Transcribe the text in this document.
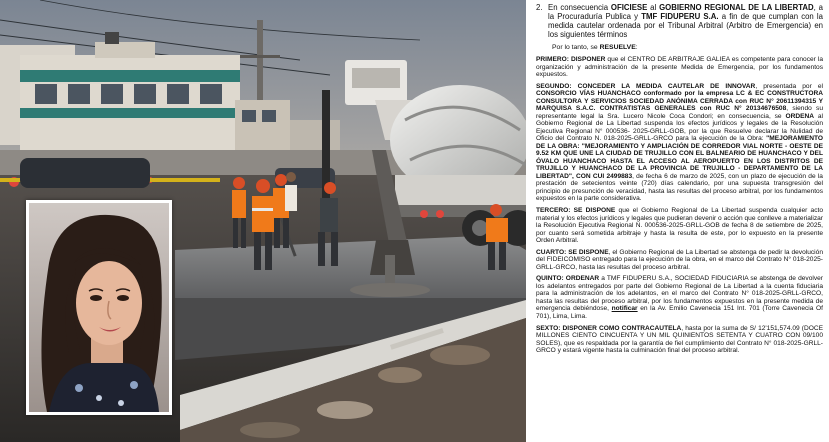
2. En consecuencia OFICIESE al GOBIERNO REGIONAL DE LA LIBERTAD, a la Procuraduría Publica y TMF FIDUPERU S.A. a fin de que cumplan con la medida cautelar ordenada por el Tribunal Arbitral (Arbitro de Emergencia) en los siguientes términos

Por lo tanto, se RESUELVE:

PRIMERO: DISPONER que el CENTRO DE ARBITRAJE GALIEA es competente para conocer la organización y administración de la presente Medida de Emergencia, por los fundamentos expuestos.

SEGUNDO: CONCEDER LA MEDIDA CAUTELAR DE INNOVAR, presentada por el CONSORCIO VÍAS HUANCHACO conformado por la empresa LC & EC CONSTRUCTORA CONSULTORA Y SERVICIOS SOCIEDAD ANÓNIMA CERRADA con RUC N° 20611394315 Y MARQUISA S.A.C. CONTRATISTAS GENERALES con RUC N° 20134676508, siendo su representante legal la Sra. Lucero Nicole Coca Condori; en consecuencia, se ORDENA al Gobierno Regional de La Libertad suspenda los efectos jurídicos y legales de la Resolución Ejecutiva Regional N° 000536- 2025-GRLL-GOB, por la que Resuelve declarar la Nulidad de Oficio del Contrato N. 018-2025-GRLL-GRCO para la ejecución de la Obra: "MEJORAMIENTO DE LA OBRA: "MEJORAMIENTO Y AMPLIACIÓN DE CORREDOR VIAL NORTE - OESTE DE 9.52 KM QUE UNE LA CIUDAD DE TRUJILLO CON EL BALNEARIO DE HUANCHACO Y DEL ÓVALO HUANCHACO HASTA EL ACCESO AL AEROPUERTO EN LOS DISTRITOS DE TRUJILLO Y HUANCHACO DE LA PROVINCIA DE TRUJILLO - DEPARTAMENTO DE LA LIBERTAD", CON CUI 2499883, de fecha 6 de marzo de 2025, con un plazo de ejecución de la prestación de setecientos veinte (720) días calendario, por una supuesta transgresión del principio de presunción de veracidad, hasta las resultas del proceso arbitral, por los fundamentos expuestos en la parte considerativa.

TERCERO: SE DISPONE que el Gobierno Regional de La Libertad suspenda cualquier acto material y los efectos jurídicos y legales que pudieran devenir o acción que conlleve a materializar la Resolución Ejecutiva Regional N. 000536-2025-GRLL-GOB de fecha 8 de setiembre de 2025, por cuanto será sometida arbitraje y hasta la resulta de este, por lo expuesto en la presente Orden Arbitral.

CUARTO: SE DISPONE, el Gobierno Regional de La Libertad se abstenga de pedir la devolución del FIDEICOMISO entregado para la ejecución de la obra, en el marco del Contrato N° 018-2025-GRLL-GRCO, hasta las resultas del proceso arbitral.

QUINTO: ORDENAR a TMF FIDUPERU S.A., SOCIEDAD FIDUCIARIA se abstenga de devolver los adelantos entregados por parte del Gobierno Regional de La Libertad a la cuenta fiduciaria para la administración de los adelantos, en el marco del Contrato N° 018-2025-GRLL-GRCO, hasta las resultas del proceso arbitral, por los fundamentos expuestos en la presente medida de emergencia debiéndose, notificar en la Av. Emilio Cavenecia 151 Int. 701 (Torre Cavenecia Of 701), Lima, Lima.

SEXTO: DISPONER COMO CONTRACAUTELA, hasta por la suma de S/ 12'151,574.09 (DOCE MILLONES CIENTO CINCUENTA Y UN MIL QUINIENTOS SETENTA Y CUATRO CON 09/100 SOLES), que es respaldada por la garantía de fiel cumplimiento del Contrato N° 018-2025-GRLL-GRCO y estará vigente hasta la culminación final del proceso arbitral.
